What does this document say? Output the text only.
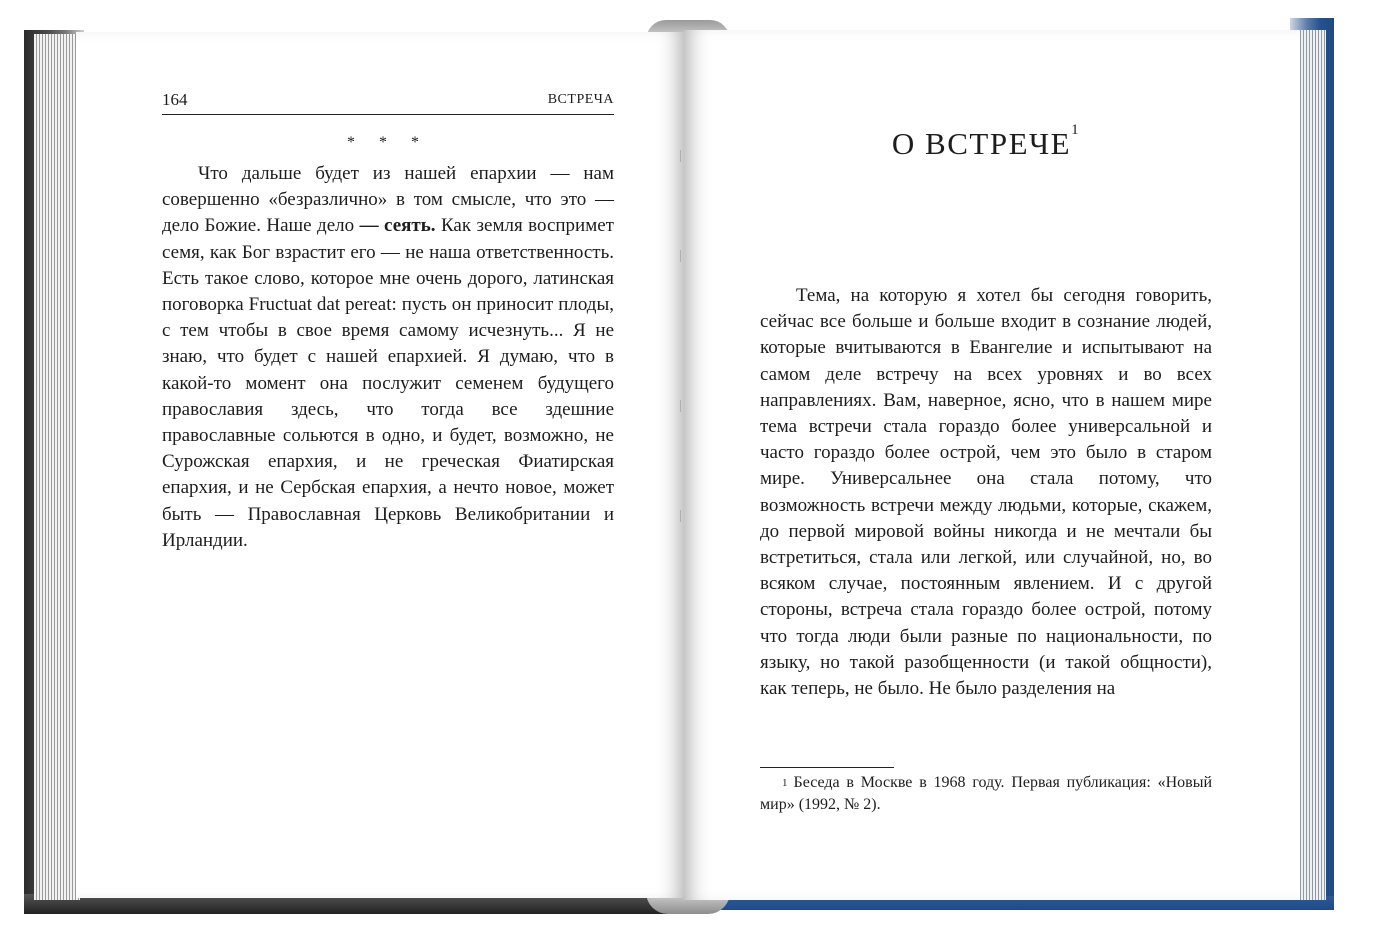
164	ВСТРЕЧА
* * *

Что дальше будет из нашей епархии — нам совершенно «безразлично» в том смысле, что это — дело Божие. Наше дело — сеять. Как земля воспримет семя, как Бог взрастит его — не наша ответственность. Есть такое слово, которое мне очень дорого, латинская поговорка Fructuat dat pereat: пусть он приносит плоды, с тем чтобы в свое время самому исчезнуть... Я не знаю, что будет с нашей епархией. Я думаю, что в какой-то момент она послужит семенем будущего православия здесь, что тогда все здешние православные сольются в одно, и будет, возможно, не Сурожская епархия, и не греческая Фиатирская епархия, и не Сербская епархия, а нечто новое, может быть — Православная Церковь Великобритании и Ирландии.

О ВСТРЕЧЕ$^1$

Тема, на которую я хотел бы сегодня говорить, сейчас все больше и больше входит в сознание людей, которые вчитываются в Евангелие и испытывают на самом деле встречу на всех уровнях и во всех направлениях. Вам, наверное, ясно, что в нашем мире тема встречи стала гораздо более универсальной и часто гораздо более острой, чем это было в старом мире. Универсальнее она стала потому, что возможность встречи между людьми, которые, скажем, до первой мировой войны никогда и не мечтали бы встретиться, стала или легкой, или случайной, но, во всяком случае, постоянным явлением. И с другой стороны, встреча стала гораздо более острой, потому что тогда люди были разные по национальности, по языку, но такой разобщенности (и такой общности), как теперь, не было. Не было разделения на

$^1$ Беседа в Москве в 1968 году. Первая публикация: «Новый мир» (1992, № 2).
